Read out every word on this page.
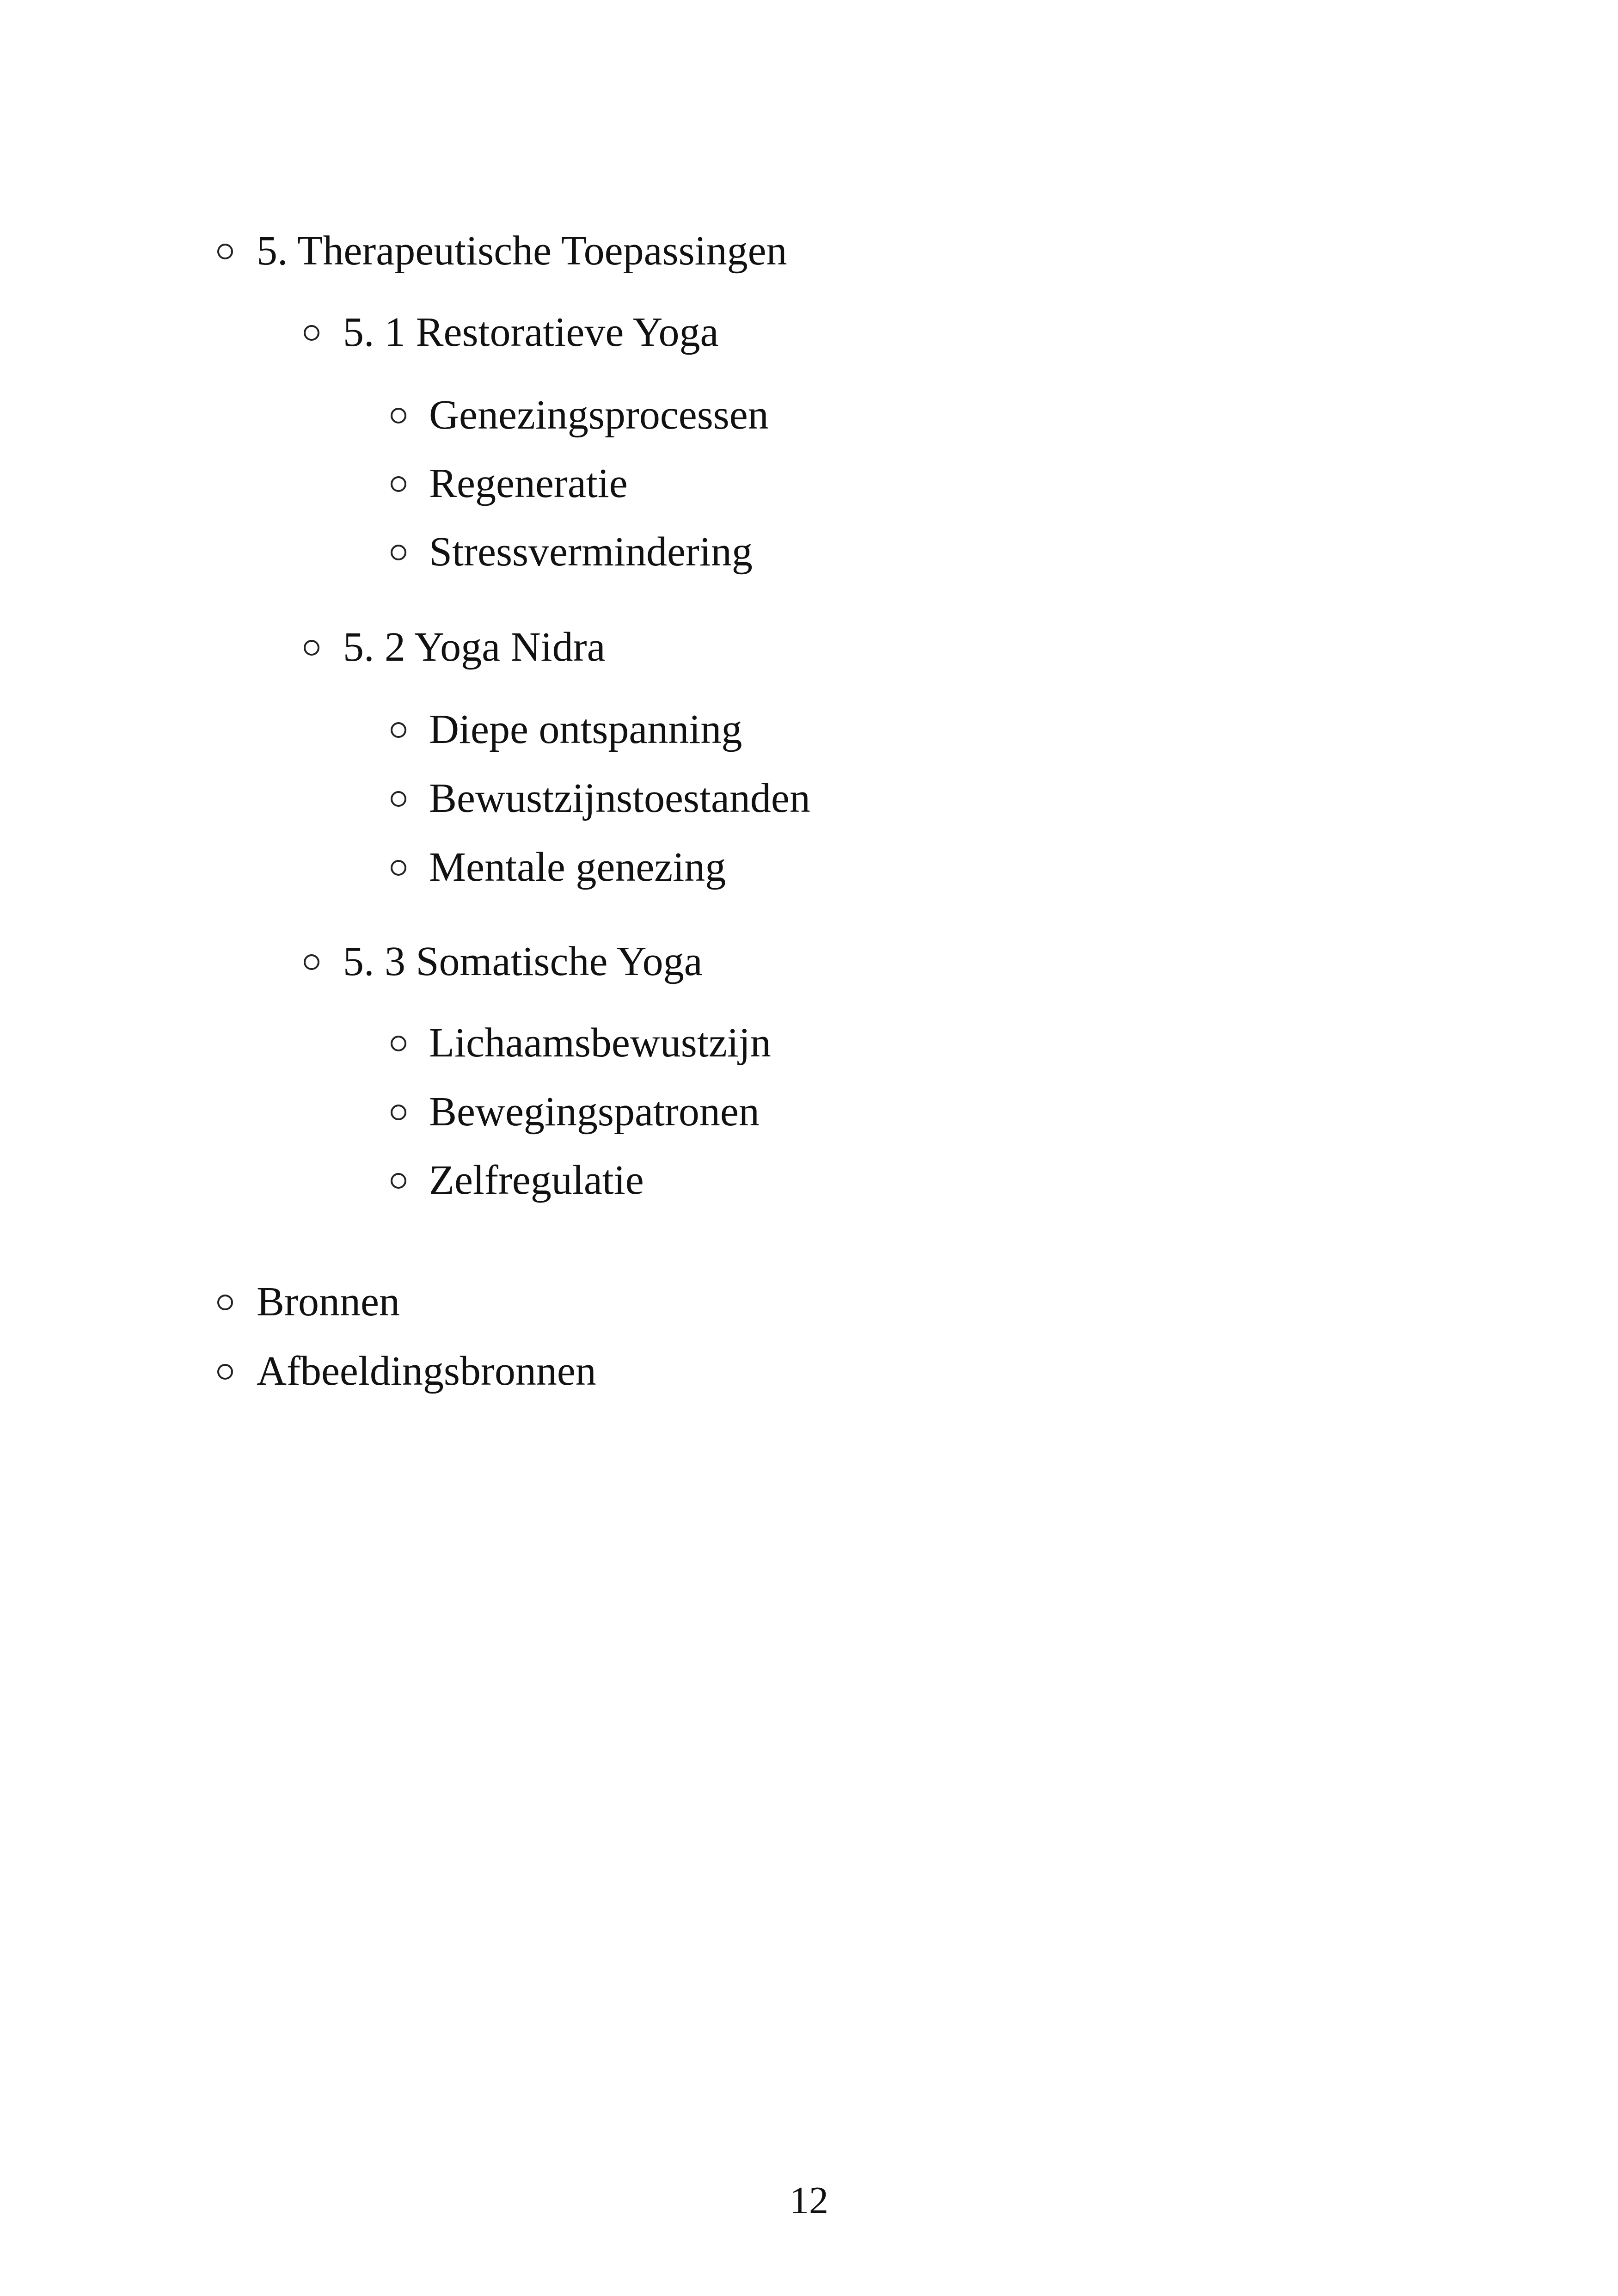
5. Therapeutische Toepassingen
5. 1 Restoratieve Yoga
Genezingsprocessen
Regeneratie
Stressvermindering
5. 2 Yoga Nidra
Diepe ontspanning
Bewustzijnstoestanden
Mentale genezing
5. 3 Somatische Yoga
Lichaamsbewustzijn
Bewegingspatronen
Zelfregulatie
Bronnen
Afbeeldingsbronnen
12
